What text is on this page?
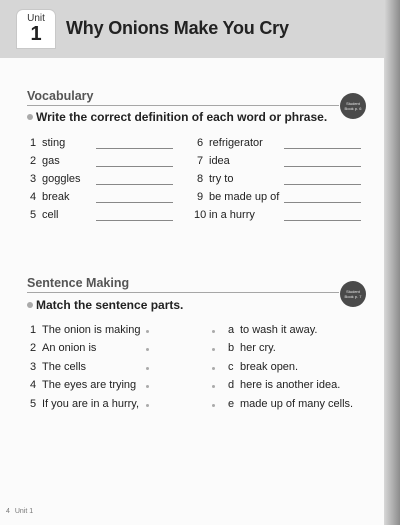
Unit
1	Why Onions Make You Cry
Vocabulary
Student Book p. 6
Write the correct definition of each word or phrase.
1 sting
2 gas
3 goggles
4 break
5 cell
6 refrigerator
7 idea
8 try to
9 be made up of
10 in a hurry
Sentence Making
Student Book p. 7
Match the sentence parts.
1 The onion is making
2 An onion is
3 The cells
4 The eyes are trying
5 If you are in a hurry,
a to wash it away.
b her cry.
c break open.
d here is another idea.
e made up of many cells.
4 Unit 1
